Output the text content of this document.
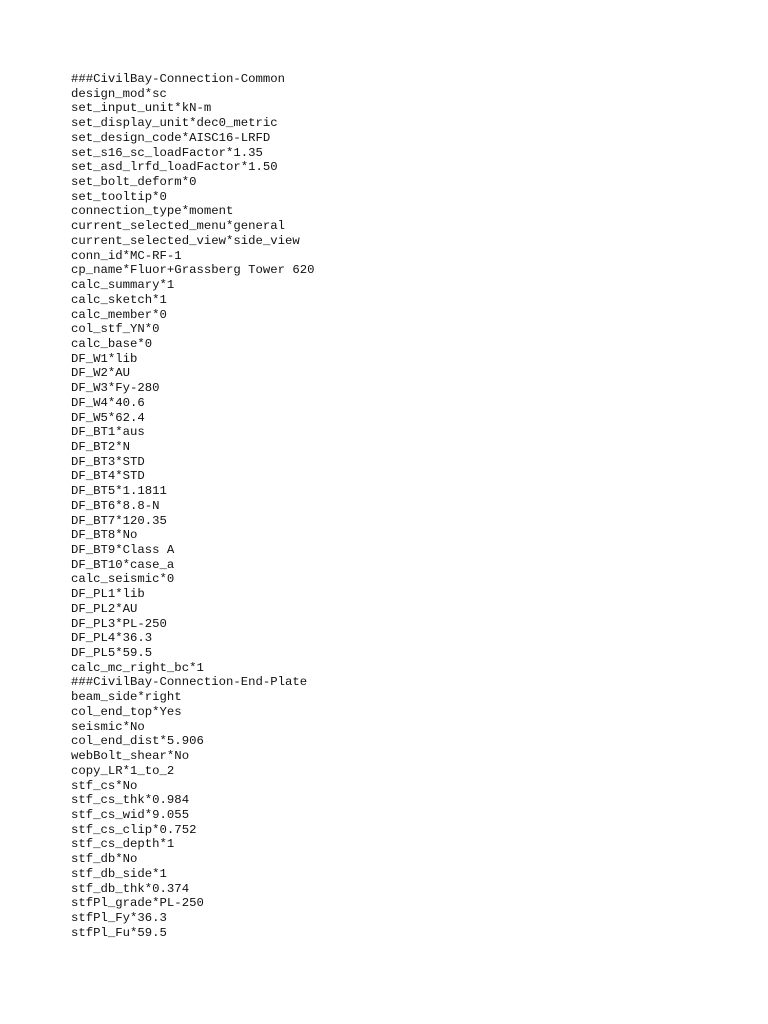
###CivilBay-Connection-Common
design_mod*sc
set_input_unit*kN-m
set_display_unit*dec0_metric
set_design_code*AISC16-LRFD
set_s16_sc_loadFactor*1.35
set_asd_lrfd_loadFactor*1.50
set_bolt_deform*0
set_tooltip*0
connection_type*moment
current_selected_menu*general
current_selected_view*side_view
conn_id*MC-RF-1
cp_name*Fluor+Grassberg Tower 620
calc_summary*1
calc_sketch*1
calc_member*0
col_stf_YN*0
calc_base*0
DF_W1*lib
DF_W2*AU
DF_W3*Fy-280
DF_W4*40.6
DF_W5*62.4
DF_BT1*aus
DF_BT2*N
DF_BT3*STD
DF_BT4*STD
DF_BT5*1.1811
DF_BT6*8.8-N
DF_BT7*120.35
DF_BT8*No
DF_BT9*Class A
DF_BT10*case_a
calc_seismic*0
DF_PL1*lib
DF_PL2*AU
DF_PL3*PL-250
DF_PL4*36.3
DF_PL5*59.5
calc_mc_right_bc*1
###CivilBay-Connection-End-Plate
beam_side*right
col_end_top*Yes
seismic*No
col_end_dist*5.906
webBolt_shear*No
copy_LR*1_to_2
stf_cs*No
stf_cs_thk*0.984
stf_cs_wid*9.055
stf_cs_clip*0.752
stf_cs_depth*1
stf_db*No
stf_db_side*1
stf_db_thk*0.374
stfPl_grade*PL-250
stfPl_Fy*36.3
stfPl_Fu*59.5
